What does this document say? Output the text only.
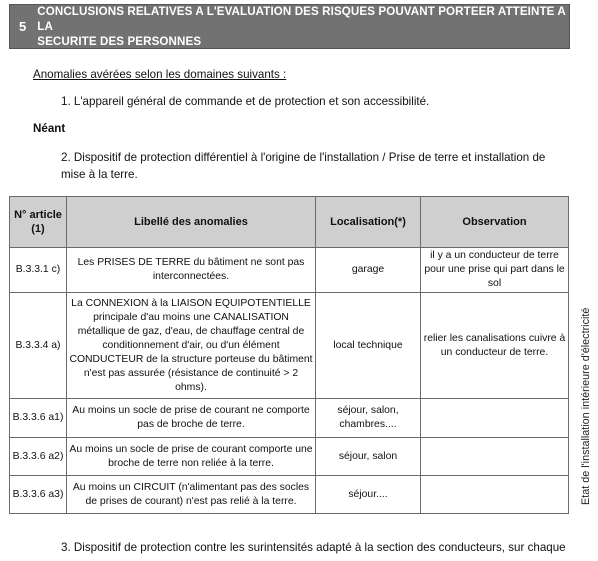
5
CONCLUSIONS RELATIVES A L'EVALUATION DES RISQUES POUVANT PORTEER ATTEINTE A LA
SECURITE DES PERSONNES
Anomalies avérées selon les domaines suivants :
1. L'appareil général de commande et de protection et son accessibilité.
Néant
2. Dispositif de protection différentiel à l'origine de l'installation / Prise de terre et installation de mise à la terre.
N° article
(1)	Libellé des anomalies	Localisation(*)	Observation
B.3.3.1 c)	Les PRISES DE TERRE du bâtiment ne sont pas interconnectées.	garage	il y a un conducteur de terre pour une prise qui part dans le sol
B.3.3.4 a)	La CONNEXION à la LIAISON EQUIPOTENTIELLE principale d'au moins une CANALISATION métallique de gaz, d'eau, de chauffage central de conditionnement d'air, ou d'un élément CONDUCTEUR de la structure porteuse du bâtiment n'est pas assurée (résistance de continuité > 2 ohms).	local technique	relier les canalisations cuivre à un conducteur de terre.
B.3.3.6 a1)	Au moins un socle de prise de courant ne comporte pas de broche de terre.	séjour, salon, chambres....	
B.3.3.6 a2)	Au moins un socle de prise de courant comporte une broche de terre non reliée à la terre.	séjour, salon	
B.3.3.6 a3)	Au moins un CIRCUIT (n'alimentant pas des socles de prises de courant) n'est pas relié à la terre.	séjour....		Etat de l'installation intérieure d'électricité
3. Dispositif de protection contre les surintensités adapté à la section des conducteurs, sur chaque
